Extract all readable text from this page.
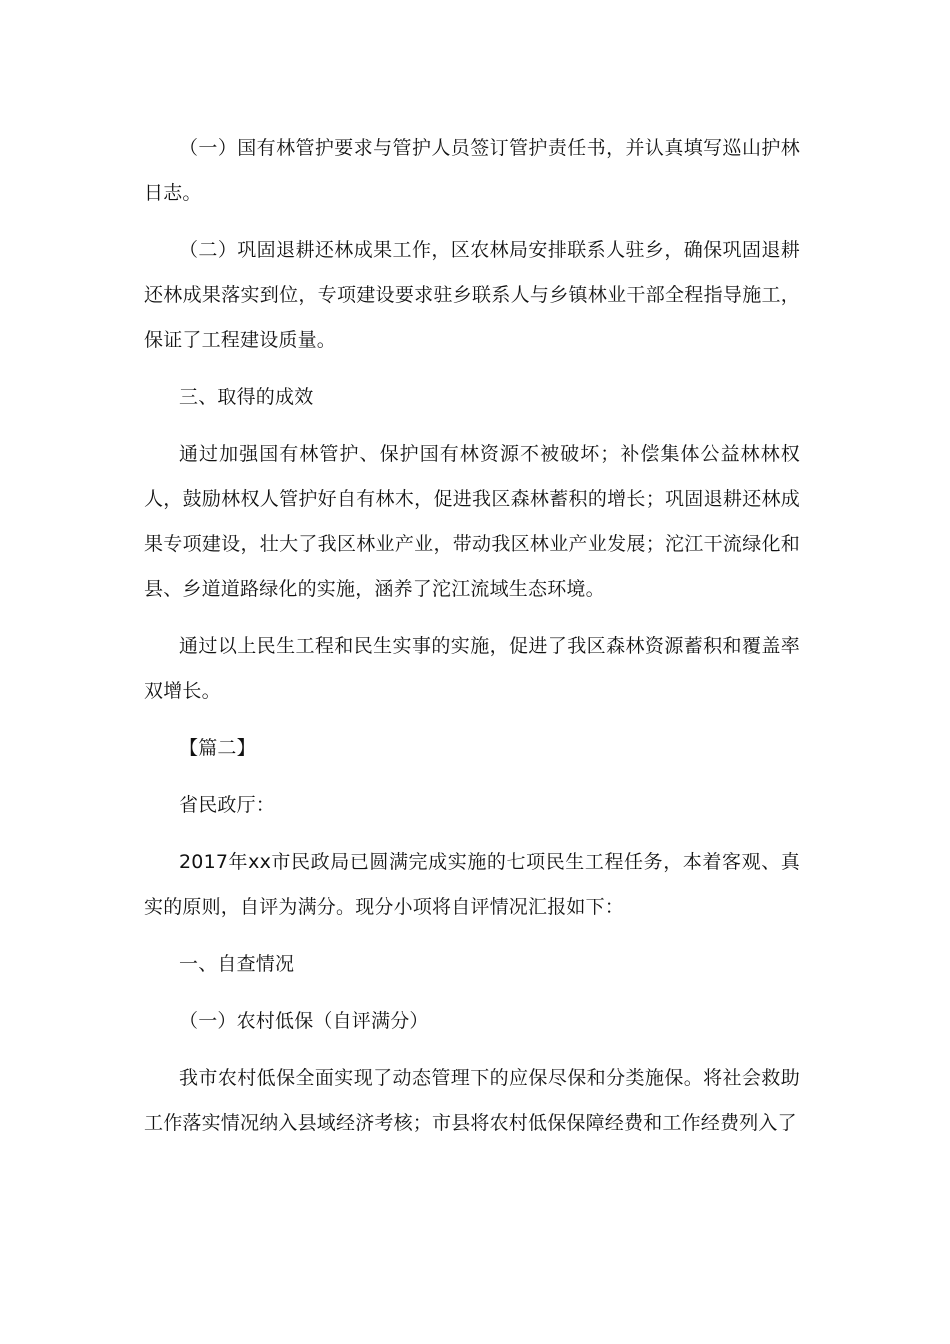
（一）国有林管护要求与管护人员签订管护责任书，并认真填写巡山护林日志。

（二）巩固退耕还林成果工作，区农林局安排联系人驻乡，确保巩固退耕还林成果落实到位，专项建设要求驻乡联系人与乡镇林业干部全程指导施工，保证了工程建设质量。

三、取得的成效

通过加强国有林管护、保护国有林资源不被破坏；补偿集体公益林林权人，鼓励林权人管护好自有林木，促进我区森林蓄积的增长；巩固退耕还林成果专项建设，壮大了我区林业产业，带动我区林业产业发展；沱江干流绿化和县、乡道道路绿化的实施，涵养了沱江流域生态环境。

通过以上民生工程和民生实事的实施，促进了我区森林资源蓄积和覆盖率双增长。

【篇二】

省民政厅：

2017年xx市民政局已圆满完成实施的七项民生工程任务，本着客观、真实的原则，自评为满分。现分小项将自评情况汇报如下：

一、自查情况

（一）农村低保（自评满分）

我市农村低保全面实现了动态管理下的应保尽保和分类施保。将社会救助工作落实情况纳入县域经济考核；市县将农村低保保障经费和工作经费列入了
